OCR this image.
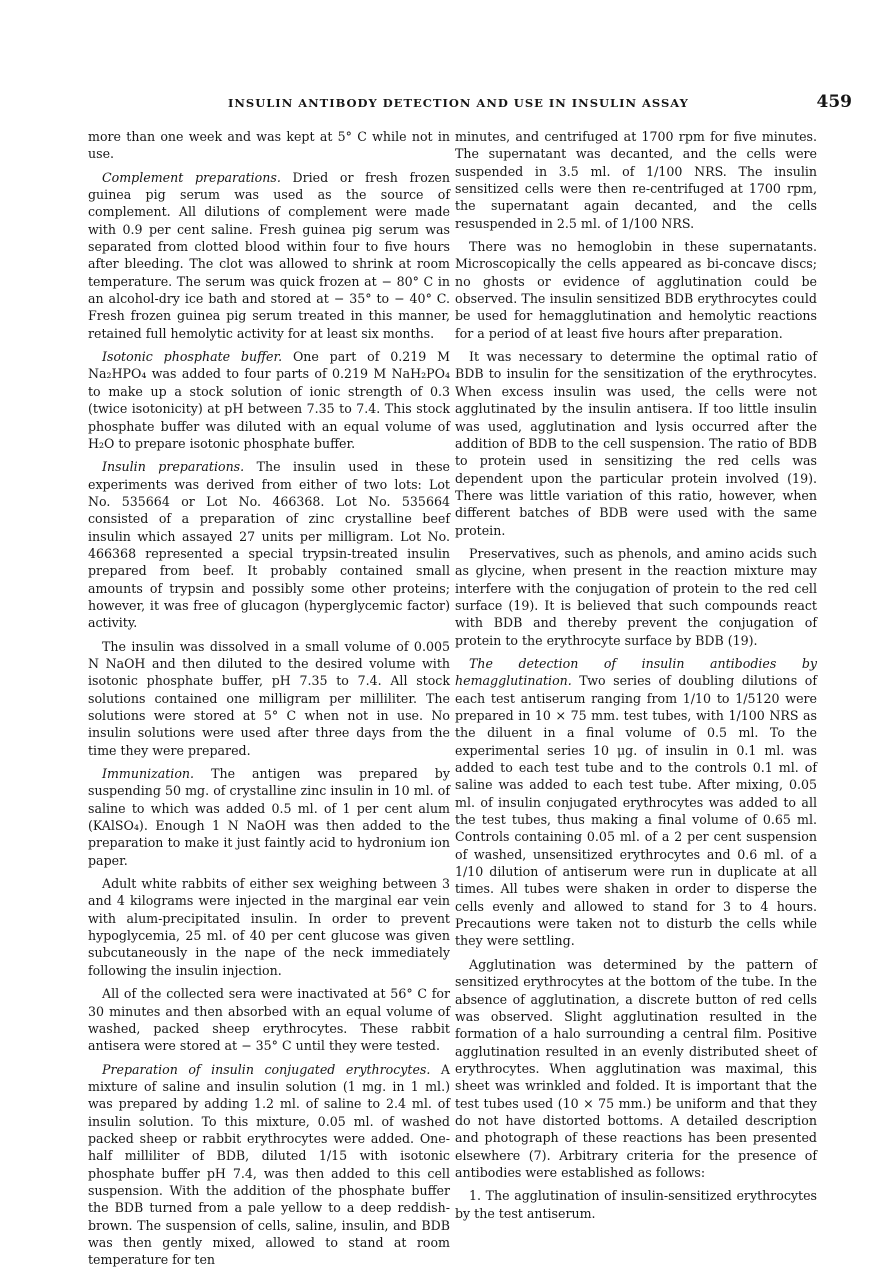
INSULIN ANTIBODY DETECTION AND USE IN INSULIN ASSAY	459

more than one week and was kept at 5° C while not in use.

Complement preparations. Dried or fresh frozen guinea pig serum was used as the source of complement. All dilutions of complement were made with 0.9 per cent saline. Fresh guinea pig serum was separated from clotted blood within four to five hours after bleeding. The clot was allowed to shrink at room temperature. The serum was quick frozen at − 80° C in an alcohol-dry ice bath and stored at − 35° to − 40° C. Fresh frozen guinea pig serum treated in this manner, retained full hemolytic activity for at least six months.

Isotonic phosphate buffer. One part of 0.219 M Na₂HPO₄ was added to four parts of 0.219 M NaH₂PO₄ to make up a stock solution of ionic strength of 0.3 (twice isotonicity) at pH between 7.35 to 7.4. This stock phosphate buffer was diluted with an equal volume of H₂O to prepare isotonic phosphate buffer.

Insulin preparations. The insulin used in these experiments was derived from either of two lots: Lot No. 535664 or Lot No. 466368. Lot No. 535664 consisted of a preparation of zinc crystalline beef insulin which assayed 27 units per milligram. Lot No. 466368 represented a special trypsin-treated insulin prepared from beef. It probably contained small amounts of trypsin and possibly some other proteins; however, it was free of glucagon (hyperglycemic factor) activity.

The insulin was dissolved in a small volume of 0.005 N NaOH and then diluted to the desired volume with isotonic phosphate buffer, pH 7.35 to 7.4. All stock solutions contained one milligram per milliliter. The solutions were stored at 5° C when not in use. No insulin solutions were used after three days from the time they were prepared.

Immunization. The antigen was prepared by suspending 50 mg. of crystalline zinc insulin in 10 ml. of saline to which was added 0.5 ml. of 1 per cent alum (KAlSO₄). Enough 1 N NaOH was then added to the preparation to make it just faintly acid to hydronium ion paper.

Adult white rabbits of either sex weighing between 3 and 4 kilograms were injected in the marginal ear vein with alum-precipitated insulin. In order to prevent hypoglycemia, 25 ml. of 40 per cent glucose was given subcutaneously in the nape of the neck immediately following the insulin injection.

All of the collected sera were inactivated at 56° C for 30 minutes and then absorbed with an equal volume of washed, packed sheep erythrocytes. These rabbit antisera were stored at − 35° C until they were tested.

Preparation of insulin conjugated erythrocytes. A mixture of saline and insulin solution (1 mg. in 1 ml.) was prepared by adding 1.2 ml. of saline to 2.4 ml. of insulin solution. To this mixture, 0.05 ml. of washed packed sheep or rabbit erythrocytes were added. One-half milliliter of BDB, diluted 1/15 with isotonic phosphate buffer pH 7.4, was then added to this cell suspension. With the addition of the phosphate buffer the BDB turned from a pale yellow to a deep reddish-brown. The suspension of cells, saline, insulin, and BDB was then gently mixed, allowed to stand at room temperature for ten

minutes, and centrifuged at 1700 rpm for five minutes. The supernatant was decanted, and the cells were suspended in 3.5 ml. of 1/100 NRS. The insulin sensitized cells were then re-centrifuged at 1700 rpm, the supernatant again decanted, and the cells resuspended in 2.5 ml. of 1/100 NRS.

There was no hemoglobin in these supernatants. Microscopically the cells appeared as bi-concave discs; no ghosts or evidence of agglutination could be observed. The insulin sensitized BDB erythrocytes could be used for hemagglutination and hemolytic reactions for a period of at least five hours after preparation.

It was necessary to determine the optimal ratio of BDB to insulin for the sensitization of the erythrocytes. When excess insulin was used, the cells were not agglutinated by the insulin antisera. If too little insulin was used, agglutination and lysis occurred after the addition of BDB to the cell suspension. The ratio of BDB to protein used in sensitizing the red cells was dependent upon the particular protein involved (19). There was little variation of this ratio, however, when different batches of BDB were used with the same protein.

Preservatives, such as phenols, and amino acids such as glycine, when present in the reaction mixture may interfere with the conjugation of protein to the red cell surface (19). It is believed that such compounds react with BDB and thereby prevent the conjugation of protein to the erythrocyte surface by BDB (19).

The detection of insulin antibodies by hemagglutination. Two series of doubling dilutions of each test antiserum ranging from 1/10 to 1/5120 were prepared in 10 × 75 mm. test tubes, with 1/100 NRS as the diluent in a final volume of 0.5 ml. To the experimental series 10 μg. of insulin in 0.1 ml. was added to each test tube and to the controls 0.1 ml. of saline was added to each test tube. After mixing, 0.05 ml. of insulin conjugated erythrocytes was added to all the test tubes, thus making a final volume of 0.65 ml. Controls containing 0.05 ml. of a 2 per cent suspension of washed, unsensitized erythrocytes and 0.6 ml. of a 1/10 dilution of antiserum were run in duplicate at all times. All tubes were shaken in order to disperse the cells evenly and allowed to stand for 3 to 4 hours. Precautions were taken not to disturb the cells while they were settling.

Agglutination was determined by the pattern of sensitized erythrocytes at the bottom of the tube. In the absence of agglutination, a discrete button of red cells was observed. Slight agglutination resulted in the formation of a halo surrounding a central film. Positive agglutination resulted in an evenly distributed sheet of erythrocytes. When agglutination was maximal, this sheet was wrinkled and folded. It is important that the test tubes used (10 × 75 mm.) be uniform and that they do not have distorted bottoms. A detailed description and photograph of these reactions has been presented elsewhere (7). Arbitrary criteria for the presence of antibodies were established as follows:

1. The agglutination of insulin-sensitized erythrocytes by the test antiserum.
